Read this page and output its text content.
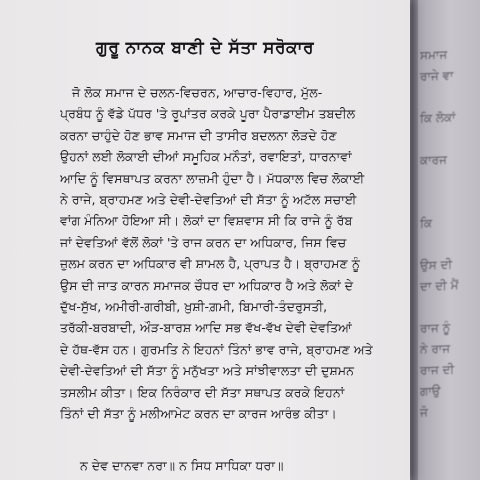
ਸਮਾਜ
ਰਾਜੇ ਵਾ

ਕਿ ਲੋਕਾਂ

ਕਾਰਜ

ਕਿ

ਉਸ ਦੀ
ਦਾ ਦੀ ਮੈਂ

ਰਾਜ ਨੂੰ
ਨੇ ਰਾਜ
ਰਾਜ ਦੀ
ਗਾਉ
ਜੋ
ਗੁਰੂ ਨਾਨਕ ਬਾਣੀ ਦੇ ਸੱਤਾ ਸਰੋਕਾਰ
ਜੋ ਲੋਕ ਸਮਾਜ ਦੇ ਚਲਨ-ਵਿਚਰਨ, ਆਚਾਰ-ਵਿਹਾਰ, ਮੁੱਲ-
ਪ੍ਰਬੰਧ ਨੂੰ ਵੱਡੇ ਪੱਧਰ 'ਤੇ ਰੂਪਾਂਤਰ ਕਰਕੇ ਪੂਰਾ ਪੈਰਾਡਾਈਮ ਤਬਦੀਲ
ਕਰਨਾ ਚਾਹੁੰਦੇ ਹੋਣ ਭਾਵ ਸਮਾਜ ਦੀ ਤਾਸੀਰ ਬਦਲਨਾ ਲੋੜਦੇ ਹੋਣ
ਉਹਨਾਂ ਲਈ ਲੋਕਾਈ ਦੀਆਂ ਸਮੂਹਿਕ ਮਨੌਤਾਂ, ਰਵਾਇਤਾਂ, ਧਾਰਨਾਵਾਂ
ਆਦਿ ਨੂੰ ਵਿਸਥਾਪਤ ਕਰਨਾ ਲਾਜ਼ਮੀ ਹੁੰਦਾ ਹੈ। ਮੱਧਕਾਲ ਵਿਚ ਲੋਕਾਈ
ਨੇ ਰਾਜੇ, ਬ੍ਰਾਹਮਣ ਅਤੇ ਦੇਵੀ-ਦੇਵਤਿਆਂ ਦੀ ਸੱਤਾ ਨੂੰ ਅਟੱਲ ਸਚਾਈ
ਵਾਂਗ ਮੰਨਿਆ ਹੋਇਆ ਸੀ। ਲੋਕਾਂ ਦਾ ਵਿਸ਼ਵਾਸ ਸੀ ਕਿ ਰਾਜੇ ਨੂੰ ਰੱਬ
ਜਾਂ ਦੇਵਤਿਆਂ ਵੱਲੋਂ ਲੋਕਾਂ 'ਤੇ ਰਾਜ ਕਰਨ ਦਾ ਅਧਿਕਾਰ, ਜਿਸ ਵਿਚ
ਜ਼ੁਲਮ ਕਰਨ ਦਾ ਅਧਿਕਾਰ ਵੀ ਸ਼ਾਮਲ ਹੈ, ਪ੍ਰਾਪਤ ਹੈ। ਬ੍ਰਾਹਮਣ ਨੂੰ
ਉਸ ਦੀ ਜਾਤ ਕਾਰਨ ਸਮਾਜਕ ਚੌਧਰ ਦਾ ਅਧਿਕਾਰ ਹੈ ਅਤੇ ਲੋਕਾਂ ਦੇ
ਦੁੱਖ-ਸੁੱਖ, ਅਮੀਰੀ-ਗਰੀਬੀ, ਖ਼ੁਸ਼ੀ-ਗ਼ਮੀ, ਬਿਮਾਰੀ-ਤੰਦਰੁਸਤੀ,
ਤਰੱਕੀ-ਬਰਬਾਦੀ, ਔੜ-ਬਾਰਸ਼ ਆਦਿ ਸਭ ਵੱਖ-ਵੱਖ ਦੇਵੀ ਦੇਵਤਿਆਂ
ਦੇ ਹੱਥ-ਵੱਸ ਹਨ। ਗੁਰਮਤਿ ਨੇ ਇਹਨਾਂ ਤਿੰਨਾਂ ਭਾਵ ਰਾਜੇ, ਬ੍ਰਾਹਮਣ ਅਤੇ
ਦੇਵੀ-ਦੇਵਤਿਆਂ ਦੀ ਸੱਤਾ ਨੂੰ ਮਨੁੱਖਤਾ ਅਤੇ ਸਾਂਝੀਵਾਲਤਾ ਦੀ ਦੁਸ਼ਮਨ
ਤਸਲੀਮ ਕੀਤਾ। ਇਕ ਨਿਰੰਕਾਰ ਦੀ ਸੱਤਾ ਸਥਾਪਤ ਕਰਕੇ ਇਹਨਾਂ
ਤਿੰਨਾਂ ਦੀ ਸੱਤਾ ਨੂੰ ਮਲੀਆਮੇਟ ਕਰਨ ਦਾ ਕਾਰਜ ਆਰੰਭ ਕੀਤਾ।
ਨ ਦੇਵ ਦਾਨਵਾ ਨਰਾ॥ ਨ ਸਿਧ ਸਾਧਿਕਾ ਧਰਾ॥
